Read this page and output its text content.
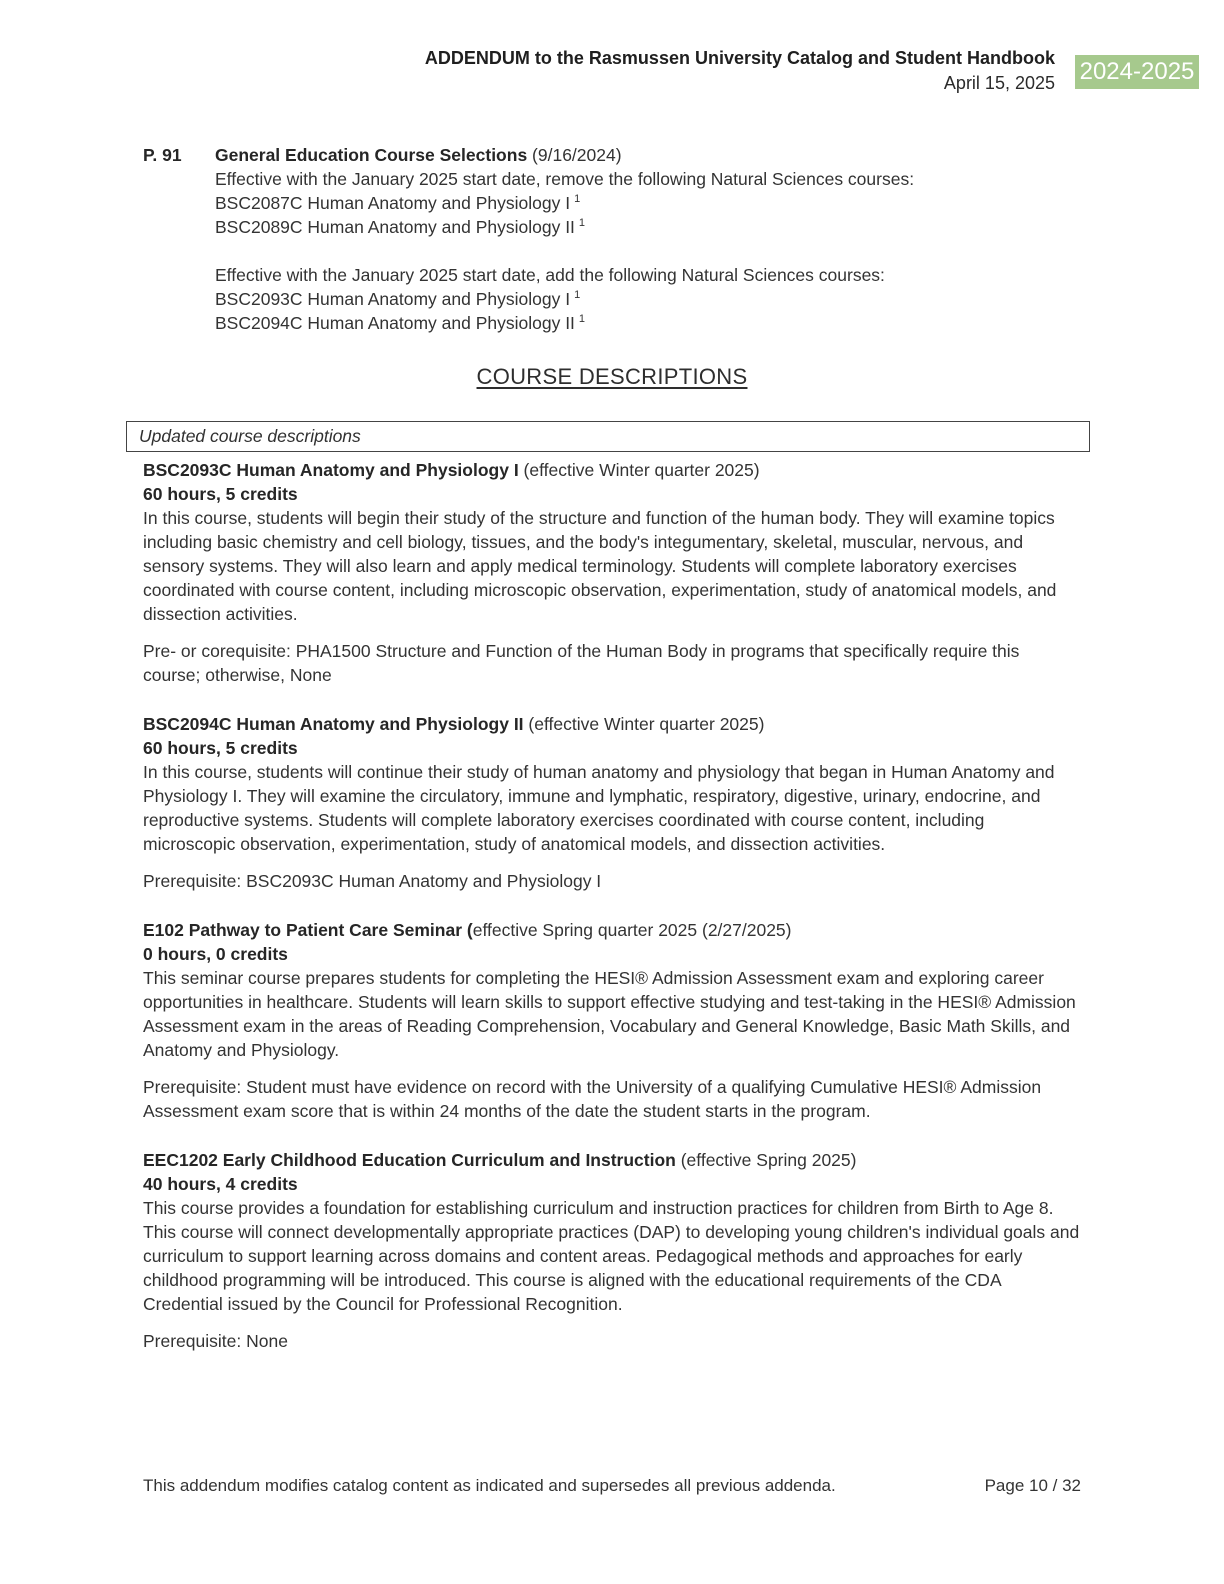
ADDENDUM to the Rasmussen University Catalog and Student Handbook
April 15, 2025 2024-2025
P. 91	General Education Course Selections (9/16/2024)
Effective with the January 2025 start date, remove the following Natural Sciences courses:
BSC2087C Human Anatomy and Physiology I $^1$
BSC2089C Human Anatomy and Physiology II $^1$
Effective with the January 2025 start date, add the following Natural Sciences courses:
BSC2093C Human Anatomy and Physiology I $^1$
BSC2094C Human Anatomy and Physiology II $^1$
COURSE DESCRIPTIONS
Updated course descriptions
BSC2093C Human Anatomy and Physiology I (effective Winter quarter 2025)
60 hours, 5 credits

In this course, students will begin their study of the structure and function of the human body. They will examine topics including basic chemistry and cell biology, tissues, and the body's integumentary, skeletal, muscular, nervous, and sensory systems. They will also learn and apply medical terminology. Students will complete laboratory exercises coordinated with course content, including microscopic observation, experimentation, study of anatomical models, and dissection activities.

Pre- or corequisite: PHA1500 Structure and Function of the Human Body in programs that specifically require this course; otherwise, None

BSC2094C Human Anatomy and Physiology II (effective Winter quarter 2025)
60 hours, 5 credits

In this course, students will continue their study of human anatomy and physiology that began in Human Anatomy and Physiology I. They will examine the circulatory, immune and lymphatic, respiratory, digestive, urinary, endocrine, and reproductive systems. Students will complete laboratory exercises coordinated with course content, including microscopic observation, experimentation, study of anatomical models, and dissection activities.

Prerequisite: BSC2093C Human Anatomy and Physiology I

E102 Pathway to Patient Care Seminar (effective Spring quarter 2025 (2/27/2025)
0 hours, 0 credits

This seminar course prepares students for completing the HESI® Admission Assessment exam and exploring career opportunities in healthcare. Students will learn skills to support effective studying and test-taking in the HESI® Admission Assessment exam in the areas of Reading Comprehension, Vocabulary and General Knowledge, Basic Math Skills, and Anatomy and Physiology.

Prerequisite: Student must have evidence on record with the University of a qualifying Cumulative HESI® Admission Assessment exam score that is within 24 months of the date the student starts in the program.

EEC1202 Early Childhood Education Curriculum and Instruction (effective Spring 2025)
40 hours, 4 credits

This course provides a foundation for establishing curriculum and instruction practices for children from Birth to Age 8. This course will connect developmentally appropriate practices (DAP) to developing young children's individual goals and curriculum to support learning across domains and content areas. Pedagogical methods and approaches for early childhood programming will be introduced. This course is aligned with the educational requirements of the CDA Credential issued by the Council for Professional Recognition.

Prerequisite: None

This addendum modifies catalog content as indicated and supersedes all previous addenda.	Page 10 / 32
